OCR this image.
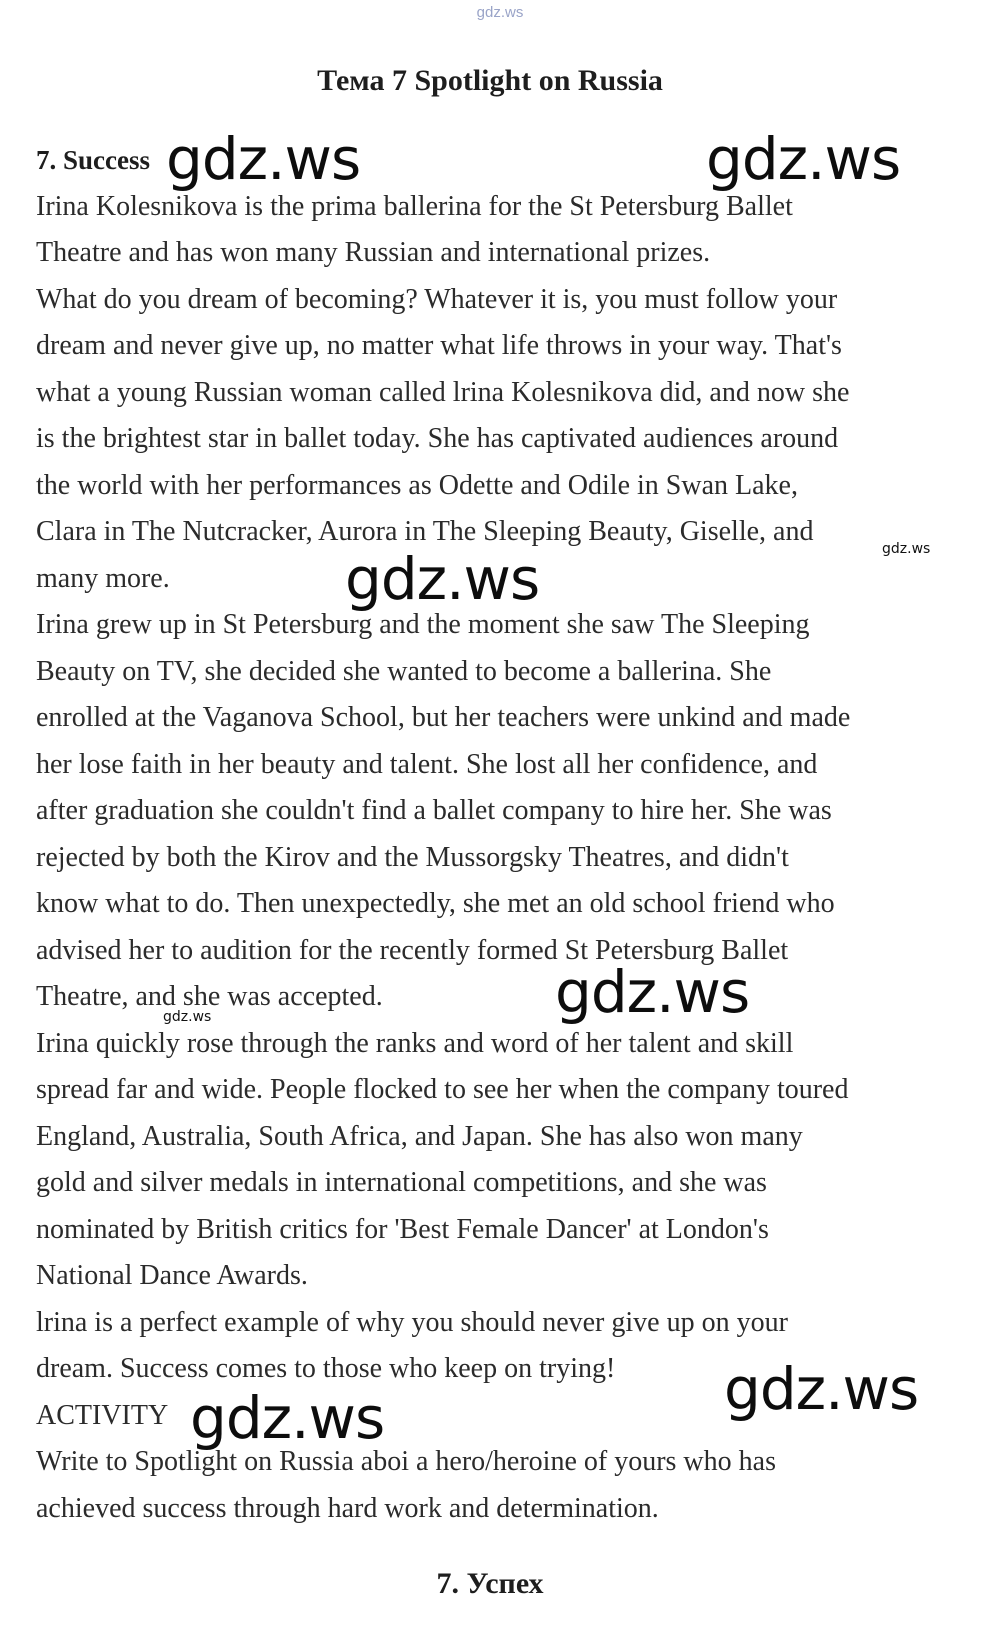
gdz.ws
Тема 7 Spotlight on Russia
7. Success
Irina Kolesnikova is the prima ballerina for the St Petersburg Ballet
Theatre and has won many Russian and international prizes.
What do you dream of becoming? Whatever it is, you must follow your
dream and never give up, no matter what life throws in your way. That's
what a young Russian woman called lrina Kolesnikova did, and now she
is the brightest star in ballet today. She has captivated audiences around
the world with her performances as Odette and Odile in Swan Lake,
Clara in The Nutcracker, Aurora in The Sleeping Beauty, Giselle, and
many more.
Irina grew up in St Petersburg and the moment she saw The Sleeping
Beauty on TV, she decided she wanted to become a ballerina. She
enrolled at the Vaganova School, but her teachers were unkind and made
her lose faith in her beauty and talent. She lost all her confidence, and
after graduation she couldn't find a ballet company to hire her. She was
rejected by both the Kirov and the Mussorgsky Theatres, and didn't
know what to do. Then unexpectedly, she met an old school friend who
advised her to audition for the recently formed St Petersburg Ballet
Theatre, and she was accepted.
Irina quickly rose through the ranks and word of her talent and skill
spread far and wide. People flocked to see her when the company toured
England, Australia, South Africa, and Japan. She has also won many
gold and silver medals in international competitions, and she was
nominated by British critics for 'Best Female Dancer' at London's
National Dance Awards.
lrina is a perfect example of why you should never give up on your
dream. Success comes to those who keep on trying!
ACTIVITY
Write to Spotlight on Russia aboi a hero/heroine of yours who has
achieved success through hard work and determination.
7. Успех
gdz.ws	gdz.ws
gdz.ws
gdz.ws
gdz.ws
gdz.ws
gdz.ws
gdz.ws
